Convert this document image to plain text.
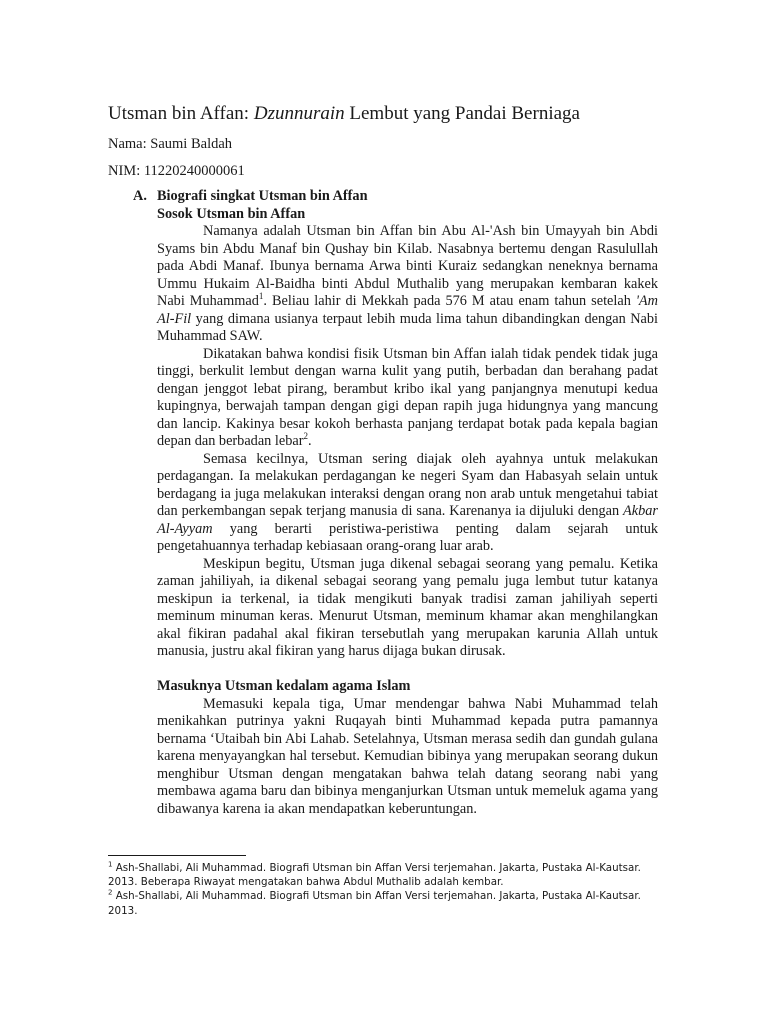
Utsman bin Affan: Dzunnurain Lembut yang Pandai Berniaga
Nama: Saumi Baldah
NIM: 11220240000061
A. Biografi singkat Utsman bin Affan
Sosok Utsman bin Affan

Namanya adalah Utsman bin Affan bin Abu Al-'Ash bin Umayyah bin Abdi Syams bin Abdu Manaf bin Qushay bin Kilab. Nasabnya bertemu dengan Rasulullah pada Abdi Manaf. Ibunya bernama Arwa binti Kuraiz sedangkan neneknya bernama Ummu Hukaim Al-Baidha binti Abdul Muthalib yang merupakan kembaran kakek Nabi Muhammad$^1$. Beliau lahir di Mekkah pada 576 M atau enam tahun setelah 'Am Al-Fil yang dimana usianya terpaut lebih muda lima tahun dibandingkan dengan Nabi Muhammad SAW.

Dikatakan bahwa kondisi fisik Utsman bin Affan ialah tidak pendek tidak juga tinggi, berkulit lembut dengan warna kulit yang putih, berbadan dan berahang padat dengan jenggot lebat pirang, berambut kribo ikal yang panjangnya menutupi kedua kupingnya, berwajah tampan dengan gigi depan rapih juga hidungnya yang mancung dan lancip. Kakinya besar kokoh berhasta panjang terdapat botak pada kepala bagian depan dan berbadan lebar$^2$.

Semasa kecilnya, Utsman sering diajak oleh ayahnya untuk melakukan perdagangan. Ia melakukan perdagangan ke negeri Syam dan Habasyah selain untuk berdagang ia juga melakukan interaksi dengan orang non arab untuk mengetahui tabiat dan perkembangan sepak terjang manusia di sana. Karenanya ia dijuluki dengan Akbar Al-Ayyam yang berarti peristiwa-peristiwa penting dalam sejarah untuk pengetahuannya terhadap kebiasaan orang-orang luar arab.

Meskipun begitu, Utsman juga dikenal sebagai seorang yang pemalu. Ketika zaman jahiliyah, ia dikenal sebagai seorang yang pemalu juga lembut tutur katanya meskipun ia terkenal, ia tidak mengikuti banyak tradisi zaman jahiliyah seperti meminum minuman keras. Menurut Utsman, meminum khamar akan menghilangkan akal fikiran padahal akal fikiran tersebutlah yang merupakan karunia Allah untuk manusia, justru akal fikiran yang harus dijaga bukan dirusak.

Masuknya Utsman kedalam agama Islam

Memasuki kepala tiga, Umar mendengar bahwa Nabi Muhammad telah menikahkan putrinya yakni Ruqayah binti Muhammad kepada putra pamannya bernama ‘Utaibah bin Abi Lahab. Setelahnya, Utsman merasa sedih dan gundah gulana karena menyayangkan hal tersebut. Kemudian bibinya yang merupakan seorang dukun menghibur Utsman dengan mengatakan bahwa telah datang seorang nabi yang membawa agama baru dan bibinya menganjurkan Utsman untuk memeluk agama yang dibawanya karena ia akan mendapatkan keberuntungan.

$^1$ Ash-Shallabi, Ali Muhammad. Biografi Utsman bin Affan Versi terjemahan. Jakarta, Pustaka Al-Kautsar. 2013. Beberapa Riwayat mengatakan bahwa Abdul Muthalib adalah kembar.

$^2$ Ash-Shallabi, Ali Muhammad. Biografi Utsman bin Affan Versi terjemahan. Jakarta, Pustaka Al-Kautsar. 2013.
